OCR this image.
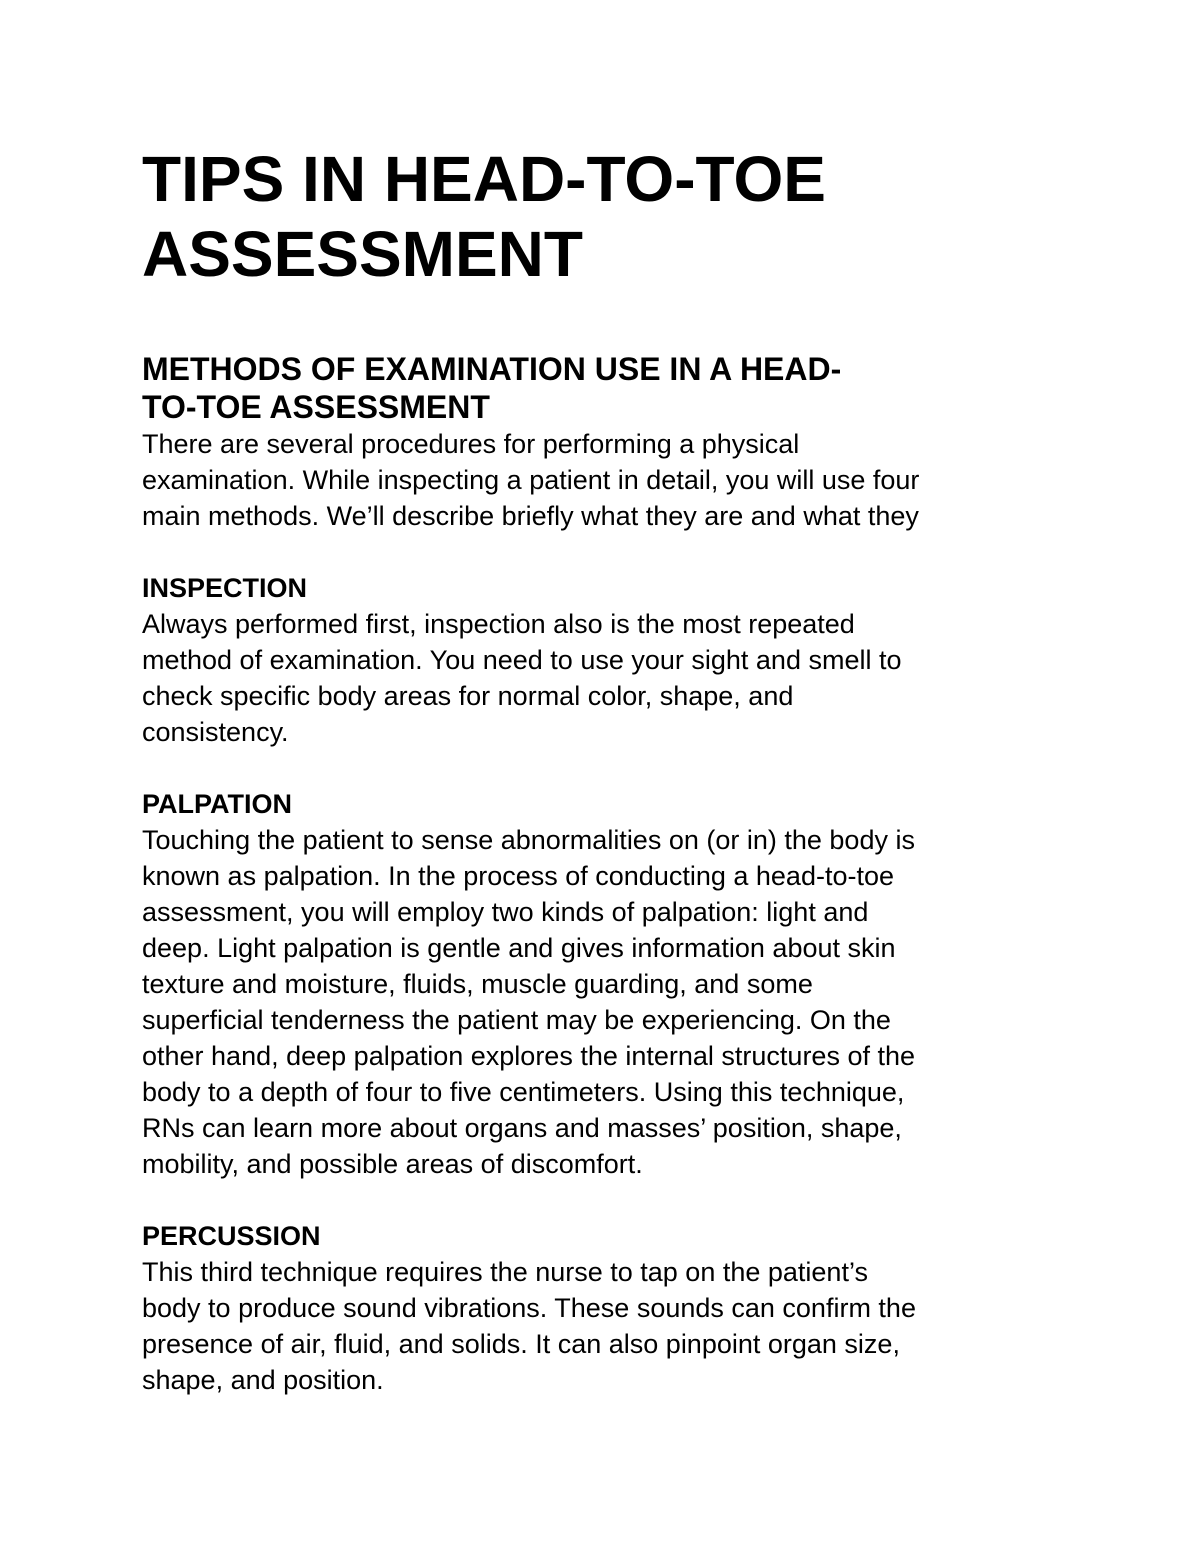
TIPS IN HEAD-TO-TOE
ASSESSMENT
METHODS OF EXAMINATION USE IN A HEAD-
TO-TOE ASSESSMENT

There are several procedures for performing a physical
examination. While inspecting a patient in detail, you will use four
main methods. We’ll describe briefly what they are and what they

INSPECTION

Always performed first, inspection also is the most repeated
method of examination. You need to use your sight and smell to
check specific body areas for normal color, shape, and
consistency.

PALPATION

Touching the patient to sense abnormalities on (or in) the body is
known as palpation. In the process of conducting a head-to-toe
assessment, you will employ two kinds of palpation: light and
deep. Light palpation is gentle and gives information about skin
texture and moisture, fluids, muscle guarding, and some
superficial tenderness the patient may be experiencing. On the
other hand, deep palpation explores the internal structures of the
body to a depth of four to five centimeters. Using this technique,
RNs can learn more about organs and masses’ position, shape,
mobility, and possible areas of discomfort.

PERCUSSION

This third technique requires the nurse to tap on the patient’s
body to produce sound vibrations. These sounds can confirm the
presence of air, fluid, and solids. It can also pinpoint organ size,
shape, and position.
